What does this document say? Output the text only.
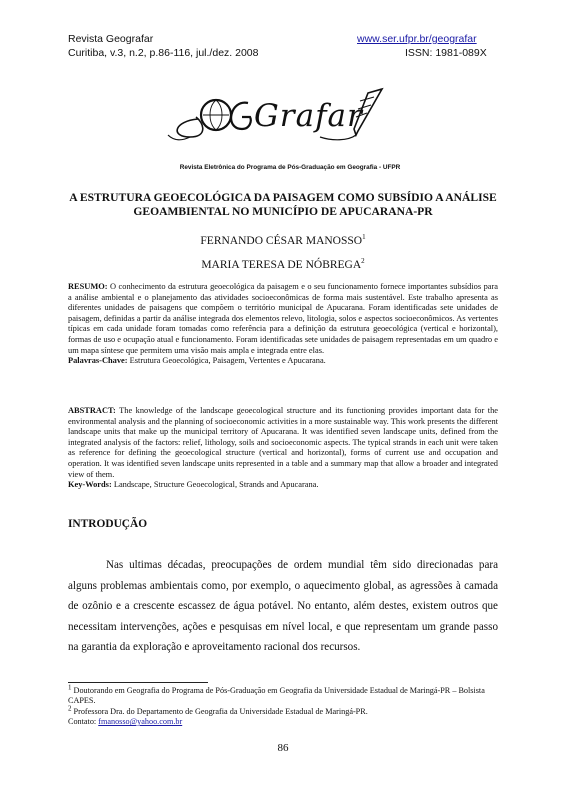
Revista Geografar
Curitiba, v.3, n.2, p.86-116, jul./dez. 2008
www.ser.ufpr.br/geografar
ISSN: 1981-089X
Grafar
Revista Eletrônica do Programa de Pós-Graduação em Geografia - UFPR
A ESTRUTURA GEOECOLÓGICA DA PAISAGEM COMO SUBSÍDIO A ANÁLISE
GEOAMBIENTAL NO MUNICÍPIO DE APUCARANA-PR
FERNANDO CÉSAR MANOSSO$^1$
MARIA TERESA DE NÓBREGA$^2$
RESUMO: O conhecimento da estrutura geoecológica da paisagem e o seu funcionamento fornece importantes subsídios para a análise ambiental e o planejamento das atividades socioeconômicas de forma mais sustentável. Este trabalho apresenta as diferentes unidades de paisagens que compõem o território municipal de Apucarana. Foram identificadas sete unidades de paisagem, definidas a partir da análise integrada dos elementos relevo, litologia, solos e aspectos socioeconômicos. As vertentes típicas em cada unidade foram tomadas como referência para a definição da estrutura geoecológica (vertical e horizontal), formas de uso e ocupação atual e funcionamento. Foram identificadas sete unidades de paisagem representadas em um quadro e um mapa síntese que permitem uma visão mais ampla e integrada entre elas.
Palavras-Chave: Estrutura Geoecológica, Paisagem, Vertentes e Apucarana.
ABSTRACT: The knowledge of the landscape geoecological structure and its functioning provides important data for the environmental analysis and the planning of socioeconomic activities in a more sustainable way. This work presents the different landscape units that make up the municipal territory of Apucarana. It was identified seven landscape units, defined from the integrated analysis of the factors: relief, lithology, soils and socioeconomic aspects. The typical strands in each unit were taken as reference for defining the geoecological structure (vertical and horizontal), forms of current use and occupation and operation. It was identified seven landscape units represented in a table and a summary map that allow a broader and integrated view of them.
Key-Words: Landscape, Structure Geoecological, Strands and Apucarana.
INTRODUÇÃO
Nas ultimas décadas, preocupações de ordem mundial têm sido direcionadas para alguns problemas ambientais como, por exemplo, o aquecimento global, as agressões à camada de ozônio e a crescente escassez de água potável. No entanto, além destes, existem outros que necessitam intervenções, ações e pesquisas em nível local, e que representam um grande passo na garantia da exploração e aproveitamento racional dos recursos.
$^1$ Doutorando em Geografia do Programa de Pós-Graduação em Geografia da Universidade Estadual de Maringá-PR – Bolsista CAPES.
$^2$ Professora Dra. do Departamento de Geografia da Universidade Estadual de Maringá-PR.
Contato: fmanosso@yahoo.com.br
86
